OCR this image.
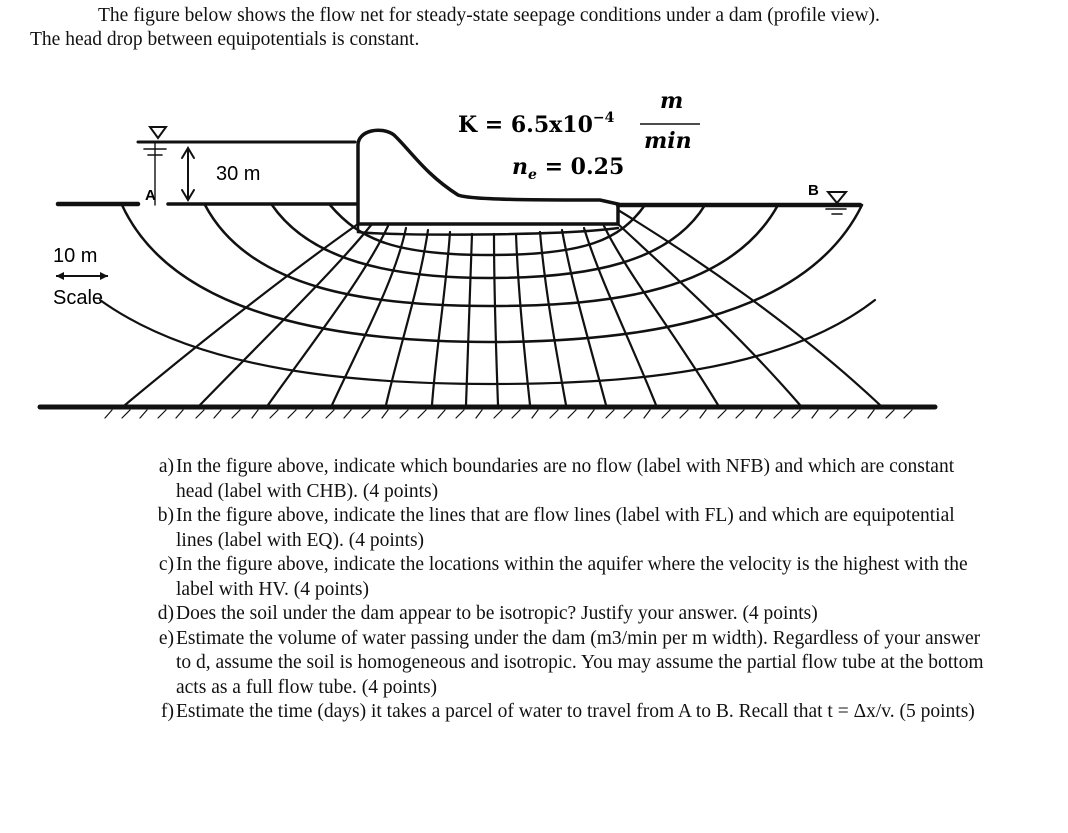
The figure below shows the flow net for steady-state seepage conditions under a dam (profile view).

The head drop between equipotentials is constant.

30 m
A	B
10 m
Scale
$K = 6.5x10^{-4}$
m
min
$n_e = 0.25$
a) In the figure above, indicate which boundaries are no flow (label with NFB) and which are constant head (label with CHB). (4 points)
b) In the figure above, indicate the lines that are flow lines (label with FL) and which are equipotential lines (label with EQ). (4 points)
c) In the figure above, indicate the locations within the aquifer where the velocity is the highest with the label with HV. (4 points)
d) Does the soil under the dam appear to be isotropic? Justify your answer. (4 points)
e) Estimate the volume of water passing under the dam (m3/min per m width). Regardless of your answer to d, assume the soil is homogeneous and isotropic. You may assume the partial flow tube at the bottom acts as a full flow tube. (4 points)
f) Estimate the time (days) it takes a parcel of water to travel from A to B. Recall that t = Δx/v. (5 points)
